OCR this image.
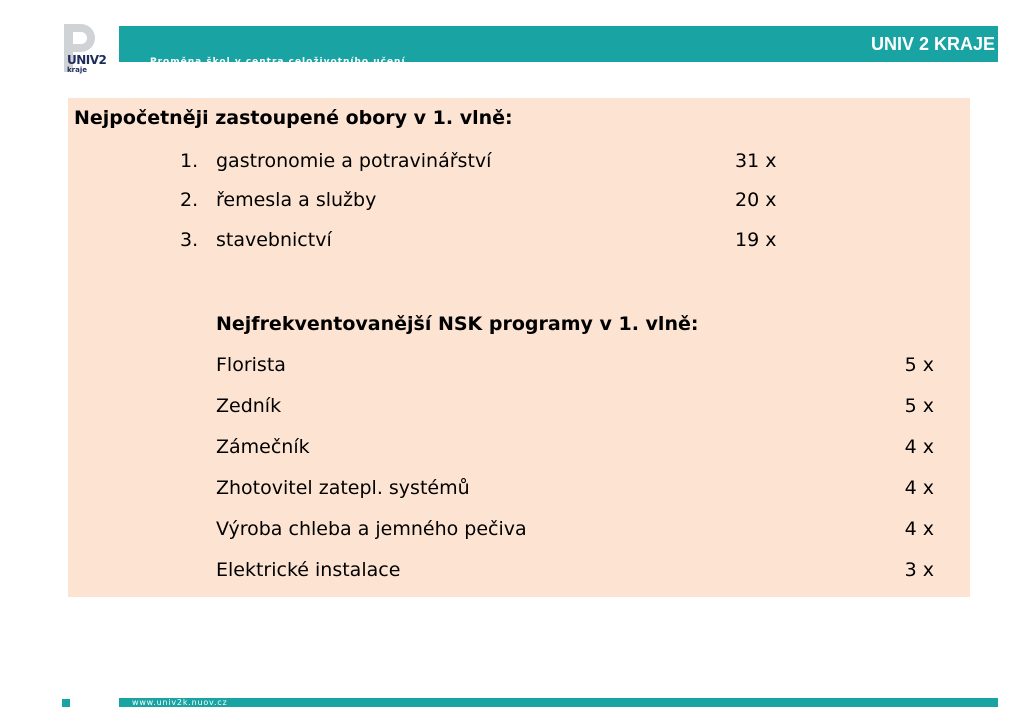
UNIV2
kraje
Proměna škol v centra celoživotního učení
UNIV 2 KRAJE
Nejpočetněji zastoupené obory v 1. vlně:
1. gastronomie a potravinářství	31 x
2. řemesla a služby	20 x
3. stavebnictví	19 x
Nejfrekventovanější NSK programy v 1. vlně:
Florista	5 x
Zedník	5 x
Zámečník	4 x
Zhotovitel zatepl. systémů	4 x
Výroba chleba a jemného pečiva	4 x
Elektrické instalace	3 x
www.univ2k.nuov.cz
